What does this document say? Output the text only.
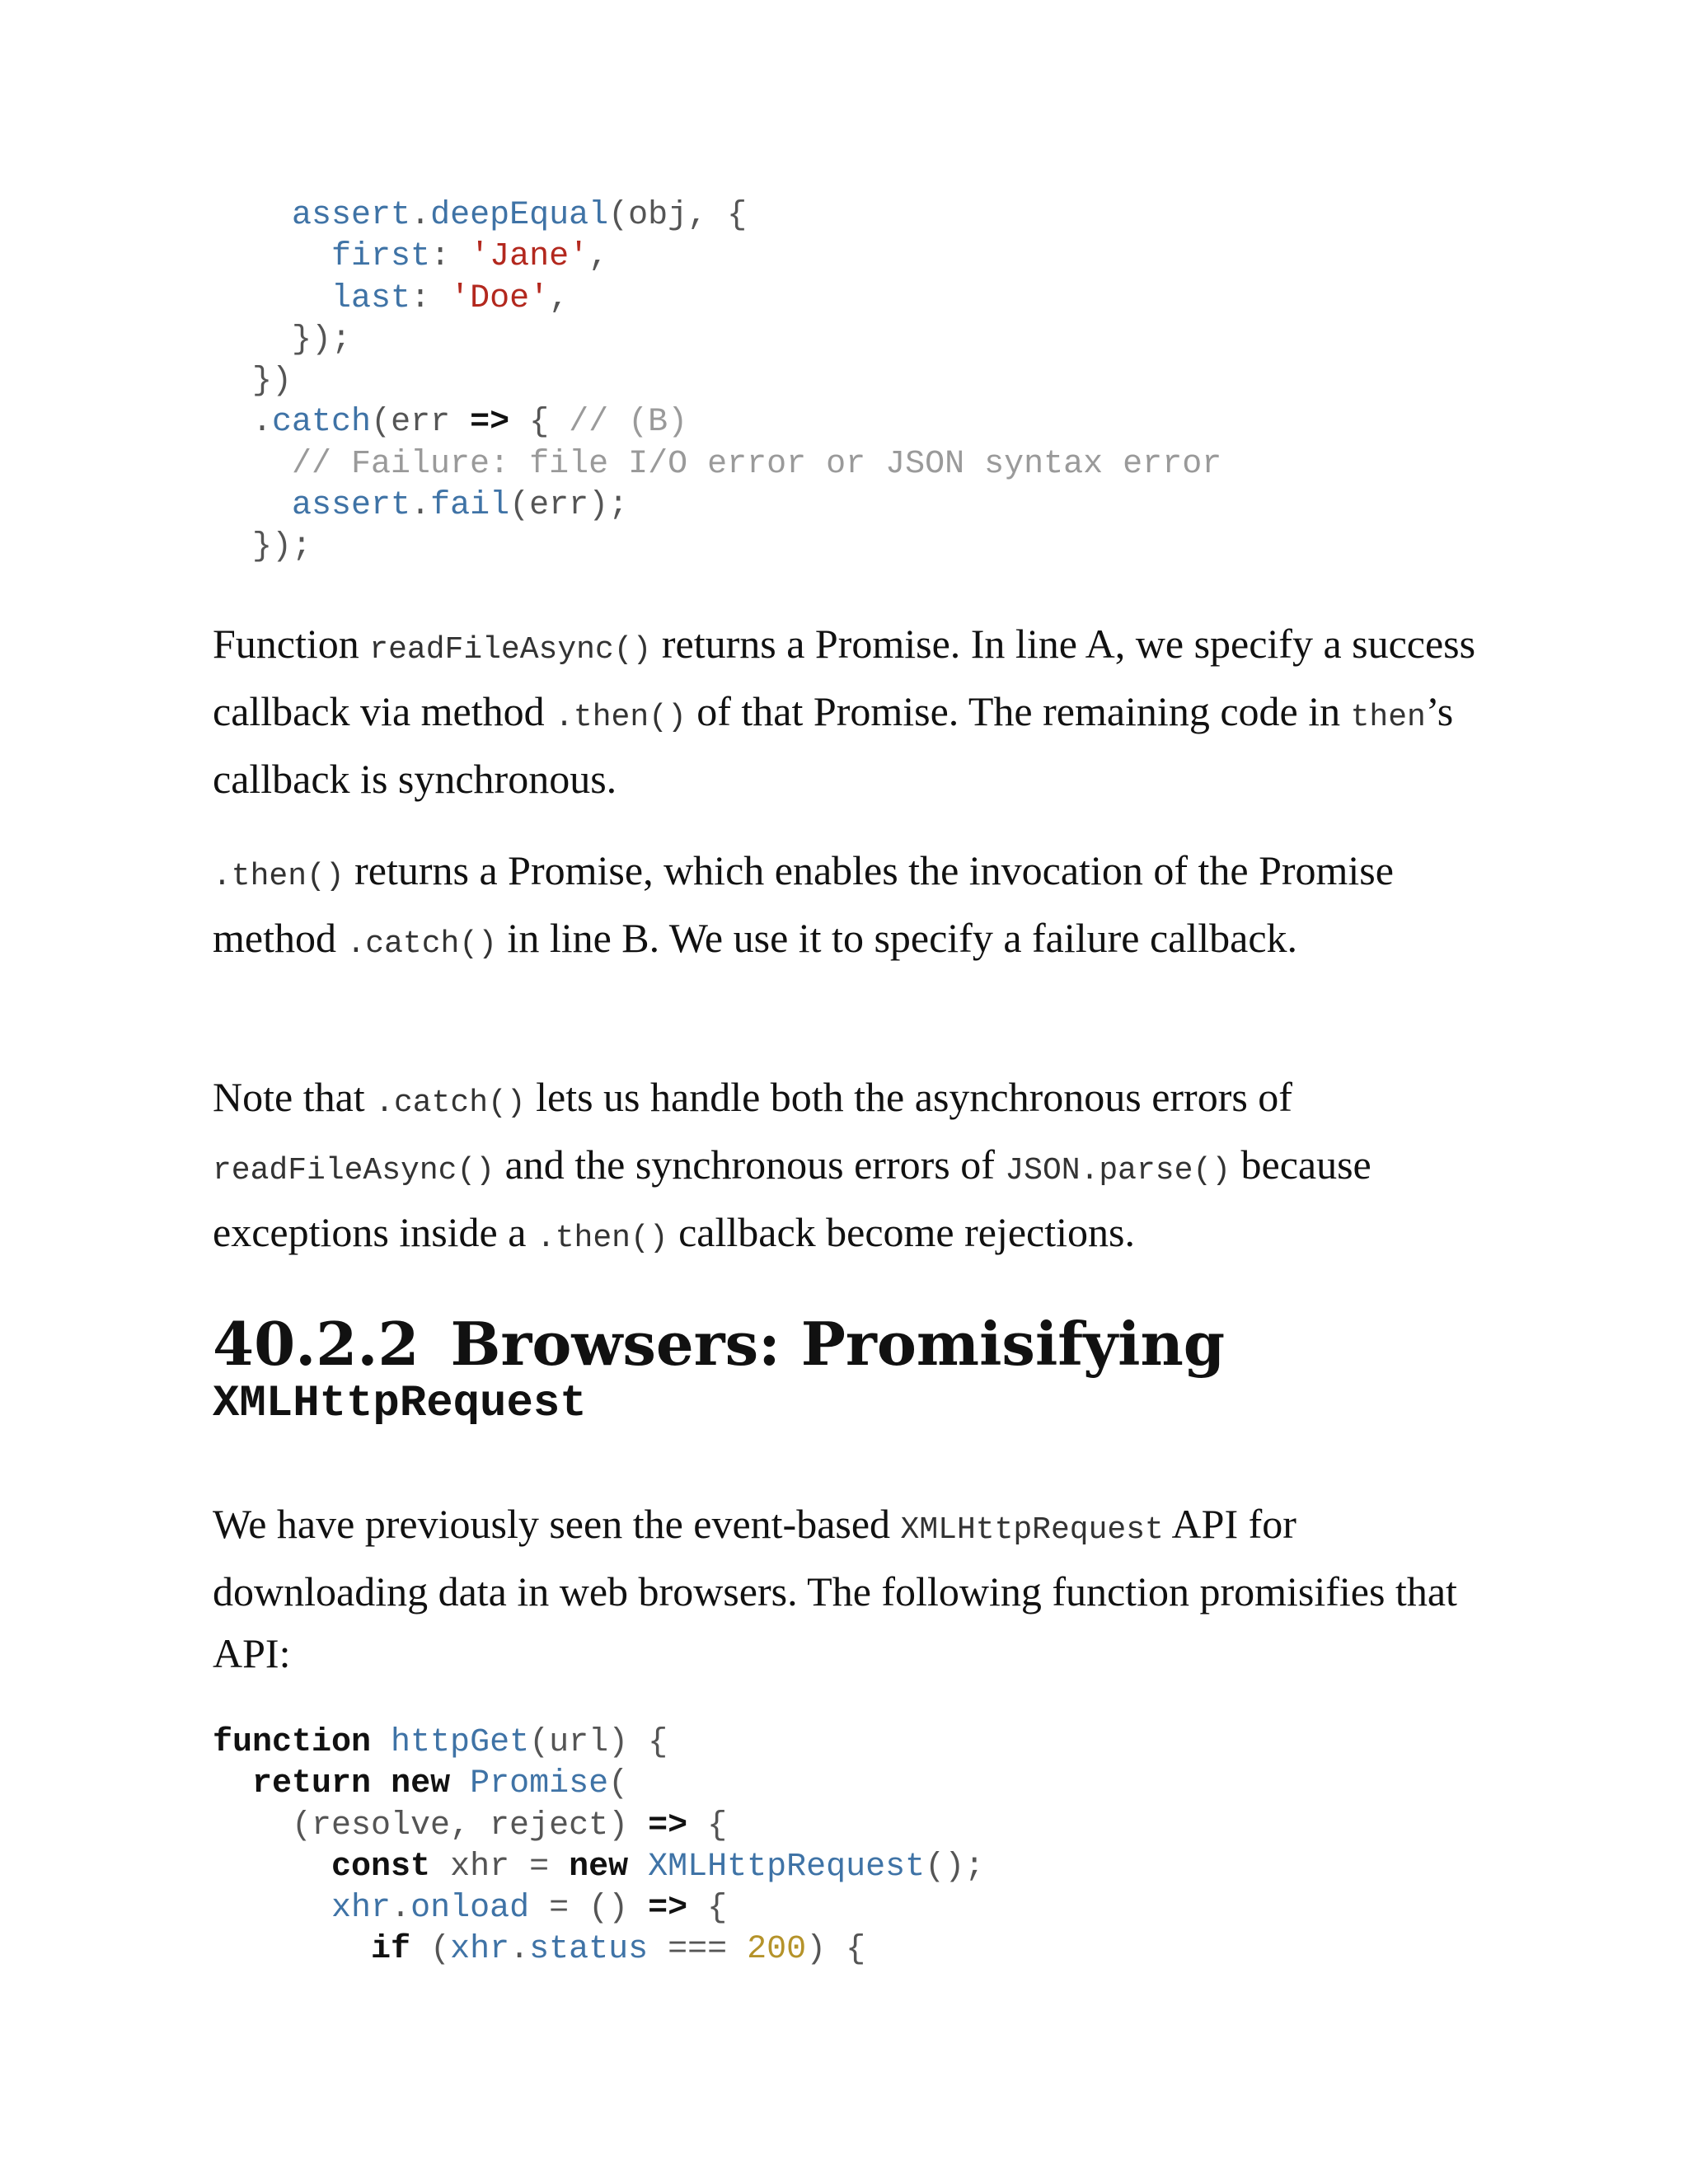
assert.deepEqual(obj, {
first: 'Jane',
last: 'Doe',
});
})
.catch(err => { // (B)
// Failure: file I/O error or JSON syntax error
assert.fail(err);
});

Function readFileAsync() returns a Promise. In line A, we specify a success callback via method .then() of that Promise. The remaining code in then’s callback is synchronous.

.then() returns a Promise, which enables the invocation of the Promise method .catch() in line B. We use it to specify a failure callback.

Note that .catch() lets us handle both the asynchronous errors of readFileAsync() and the synchronous errors of JSON.parse() because exceptions inside a .then() callback become rejections.

40.2.2 Browsers: Promisifying
XMLHttpRequest

We have previously seen the event-based XMLHttpRequest API for downloading data in web browsers. The following function promisifies that API:

function httpGet(url) {
return new Promise(
(resolve, reject) => {
const xhr = new XMLHttpRequest();
xhr.onload = () => {
if (xhr.status === 200) {
